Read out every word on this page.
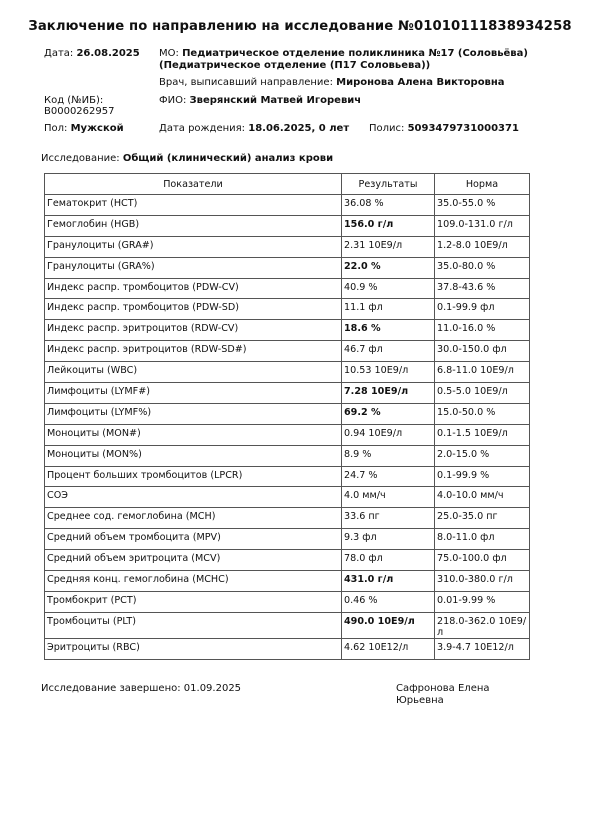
Заключение по направлению на исследование №01010111838934258
Дата: 26.08.2025 МО: Педиатрическое отделение поликлиника №17 (Соловьёва)
(Педиатрическое отделение (П17 Соловьева))
Врач, выписавший направление: Миронова Алена Викторовна
Код (№ИБ):
B0000262957
ФИО: Зверянский Матвей Игоревич
Пол: Мужской	Дата рождения: 18.06.2025, 0 лет Полис: 5093479731000371
Исследование: Общий (клинический) анализ крови
Показатели	Результаты	Норма
Гематокрит (HCT)	36.08 %	35.0-55.0 %
Гемоглобин (HGB)	156.0 г/л	109.0-131.0 г/л
Гранулоциты (GRA#)	2.31 10E9/л	1.2-8.0 10E9/л
Гранулоциты (GRA%)	22.0 %	35.0-80.0 %
Индекс распр. тромбоцитов (PDW-CV)	40.9 %	37.8-43.6 %
Индекс распр. тромбоцитов (PDW-SD)	11.1 фл	0.1-99.9 фл
Индекс распр. эритроцитов (RDW-CV)	18.6 %	11.0-16.0 %
Индекс распр. эритроцитов (RDW-SD#)	46.7 фл	30.0-150.0 фл
Лейкоциты (WBC)	10.53 10E9/л	6.8-11.0 10E9/л
Лимфоциты (LYMF#)	7.28 10E9/л	0.5-5.0 10E9/л
Лимфоциты (LYMF%)	69.2 %	15.0-50.0 %
Моноциты (MON#)	0.94 10E9/л	0.1-1.5 10E9/л
Моноциты (MON%)	8.9 %	2.0-15.0 %
Процент больших тромбоцитов (LPCR)	24.7 %	0.1-99.9 %
СОЭ	4.0 мм/ч	4.0-10.0 мм/ч
Среднее сод. гемоглобина (MCH)	33.6 пг	25.0-35.0 пг
Средний объем тромбоцита (MPV)	9.3 фл	8.0-11.0 фл
Средний объем эритроцита (MCV)	78.0 фл	75.0-100.0 фл
Средняя конц. гемоглобина (MCHC)	431.0 г/л	310.0-380.0 г/л
Тромбокрит (PCT)	0.46 %	0.01-9.99 %
Тромбоциты (PLT)	490.0 10E9/л	218.0-362.0 10E9/л
Эритроциты (RBC)	4.62 10E12/л	3.9-4.7 10E12/л
Исследование завершено: 01.09.2025	Сафронова Елена
Юрьевна
